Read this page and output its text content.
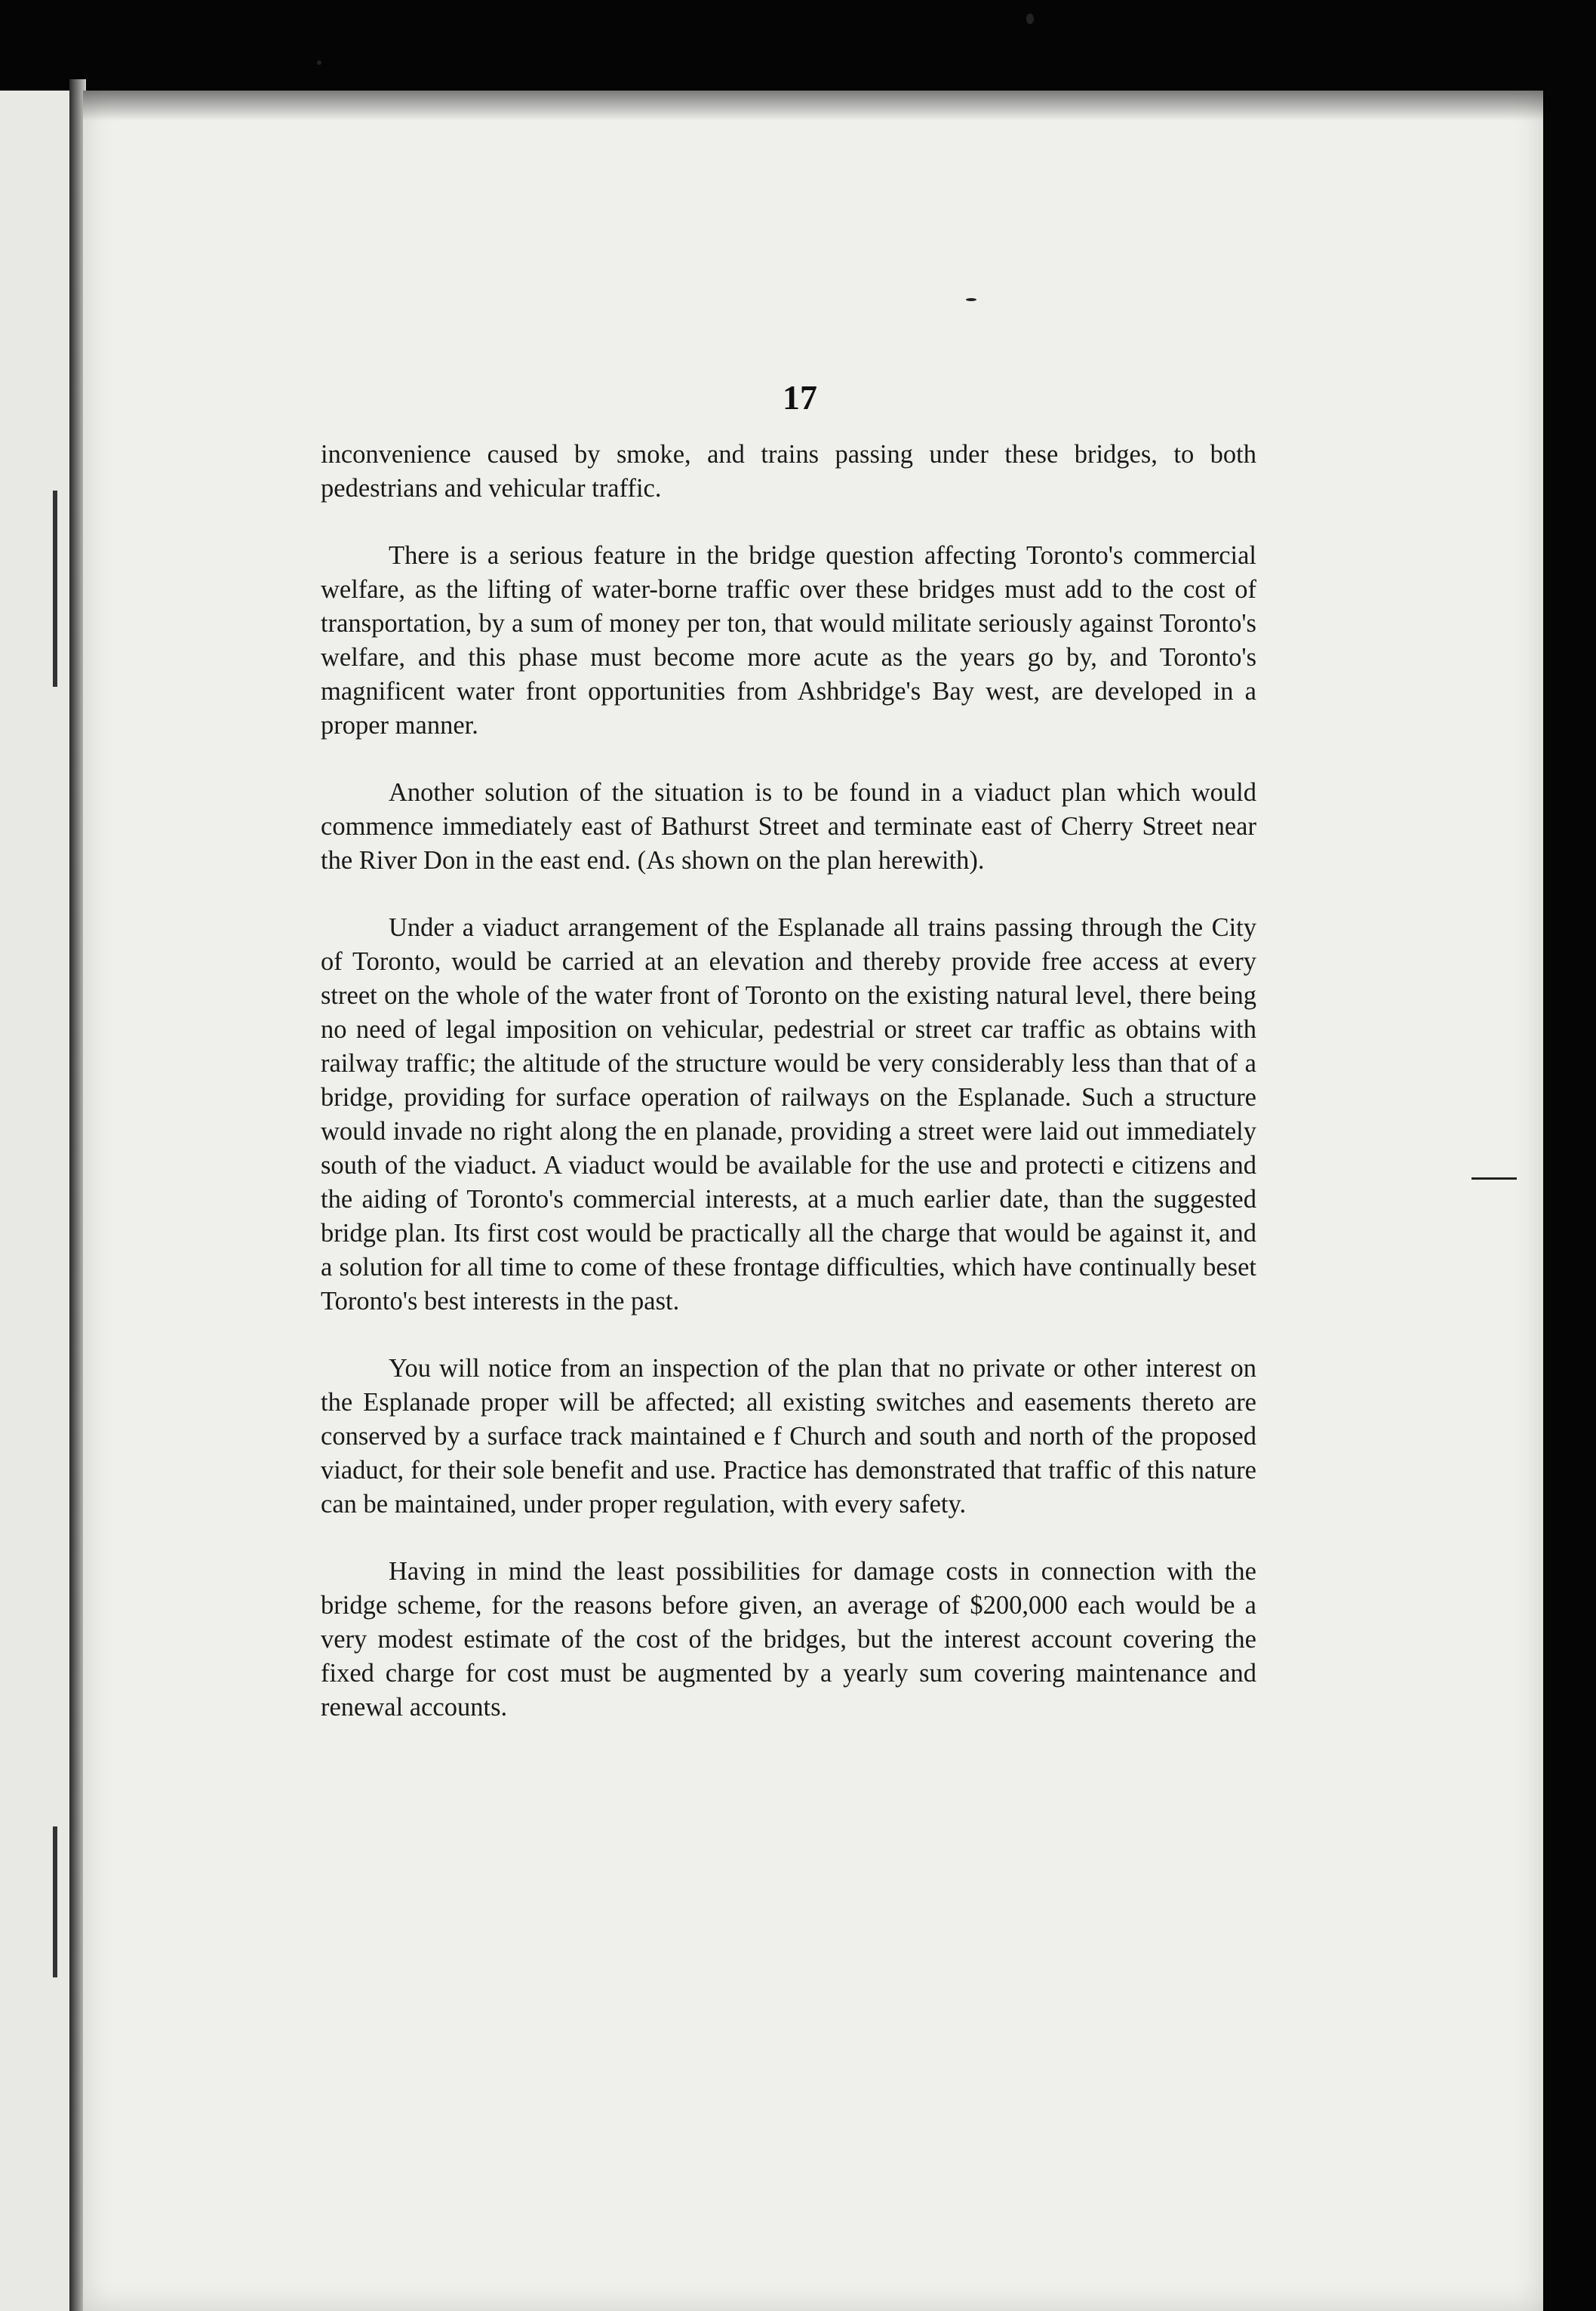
17

inconvenience caused by smoke, and trains passing under these bridges, to both pedestrians and vehicular traffic.

There is a serious feature in the bridge question affecting Toronto's commercial welfare, as the lifting of water-borne traffic over these bridges must add to the cost of transportation, by a sum of money per ton, that would militate seriously against Toronto's welfare, and this phase must become more acute as the years go by, and Toronto's magnificent water front opportunities from Ashbridge's Bay west, are developed in a proper manner.

Another solution of the situation is to be found in a viaduct plan which would commence immediately east of Bathurst Street and terminate east of Cherry Street near the River Don in the east end. (As shown on the plan herewith).

Under a viaduct arrangement of the Esplanade all trains passing through the City of Toronto, would be carried at an elevation and thereby provide free access at every street on the whole of the water front of Toronto on the existing natural level, there being no need of legal imposition on vehicular, pedestrial or street car traffic as obtains with railway traffic; the altitude of the structure would be very considerably less than that of a bridge, providing for surface operation of railways on the Esplanade. Such a structure would invade no right along the en planade, providing a street were laid out immediately south of the viaduct. A viaduct would be available for the use and protecti e citizens and the aiding of Toronto's commercial interests, at a much earlier date, than the suggested bridge plan. Its first cost would be practically all the charge that would be against it, and a solution for all time to come of these frontage difficulties, which have continually beset Toronto's best interests in the past.

You will notice from an inspection of the plan that no private or other interest on the Esplanade proper will be affected; all existing switches and easements thereto are conserved by a surface track maintained e f Church and south and north of the proposed viaduct, for their sole benefit and use. Practice has demonstrated that traffic of this nature can be maintained, under proper regulation, with every safety.

Having in mind the least possibilities for damage costs in connection with the bridge scheme, for the reasons before given, an average of $200,000 each would be a very modest estimate of the cost of the bridges, but the interest account covering the fixed charge for cost must be augmented by a yearly sum covering maintenance and renewal accounts.
